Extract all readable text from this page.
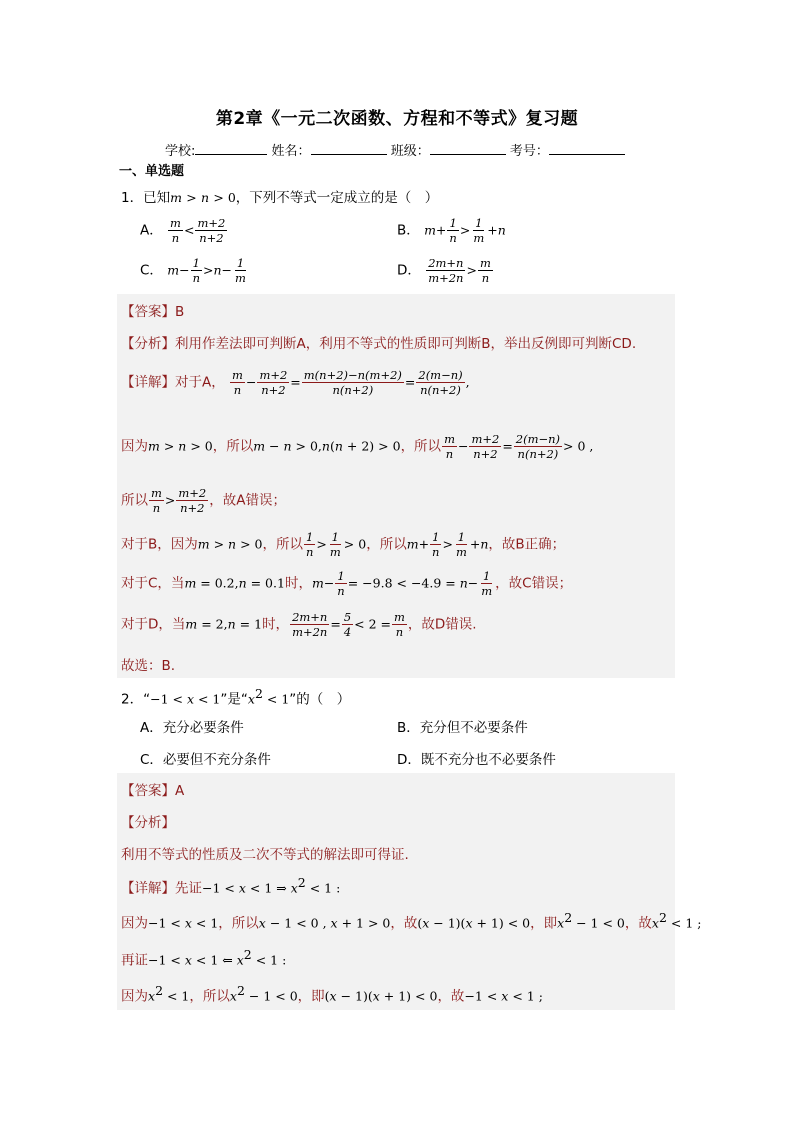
第2章《一元二次函数、方程和不等式》复习题
学校:	姓名：	班级：	考号：
一、单选题
1．已知m > n > 0，下列不等式一定成立的是（　）
A． $\frac{m}{n} < \frac{m+2}{n+2}$	B． $m+ \frac{1}{n} > \frac{1}{m} +n$
C． $m- \frac{1}{n} >n- \frac{1}{m}$	D． $\frac{2m+n}{m+2n} > \frac{m}{n}$
【答案】B
【分析】利用作差法即可判断A，利用不等式的性质即可判断B，举出反例即可判断CD.
【详解】对于A， $\frac{m}{n} - \frac{m+2}{n+2} = \frac{m(n+2)-n(m+2)}{n(n+2)} = \frac{2(m-n)}{n(n+2)}$ ,
因为m > n > 0，所以m − n > 0,n(n + 2) > 0，所以 $\frac{m}{n} - \frac{m+2}{n+2} = \frac{2(m-n)}{n(n+2)} > 0$ ,
所以 $\frac{m}{n} > \frac{m+2}{n+2}$ ，故A错误；
对于B，因为m > n > 0，所以 $\frac{1}{n} > \frac{1}{m} > 0$，所以$m+ \frac{1}{n} > \frac{1}{m} +n$，故B正确；
对于C，当m = 0.2,n = 0.1时，$m- \frac{1}{n} = -9.8 < -4.9 = n- \frac{1}{m}$ ，故C错误；
对于D，当m = 2,n = 1时， $\frac{2m+n}{m+2n} = \frac{5}{4} < 2 = \frac{m}{n}$ ，故D错误.
故选：B.
2．“−1 < x < 1”是“$x^2 < 1$”的（　）
A．充分必要条件	B．充分但不必要条件
C．必要但不充分条件	D．既不充分也不必要条件
【答案】A
【分析】
利用不等式的性质及二次不等式的解法即可得证.
【详解】先证−1 < x < 1 ⇒ $x^2 < 1$ :
因为−1 < x < 1，所以x − 1 < 0 , x + 1 > 0，故(x − 1)(x + 1) < 0，即$x^2 - 1 < 0$，故$x^2 < 1$ ;
再证−1 < x < 1 ⇐ $x^2 < 1$ :
因为$x^2 < 1$，所以$x^2 - 1 < 0$，即(x − 1)(x + 1) < 0，故−1 < x < 1 ;
